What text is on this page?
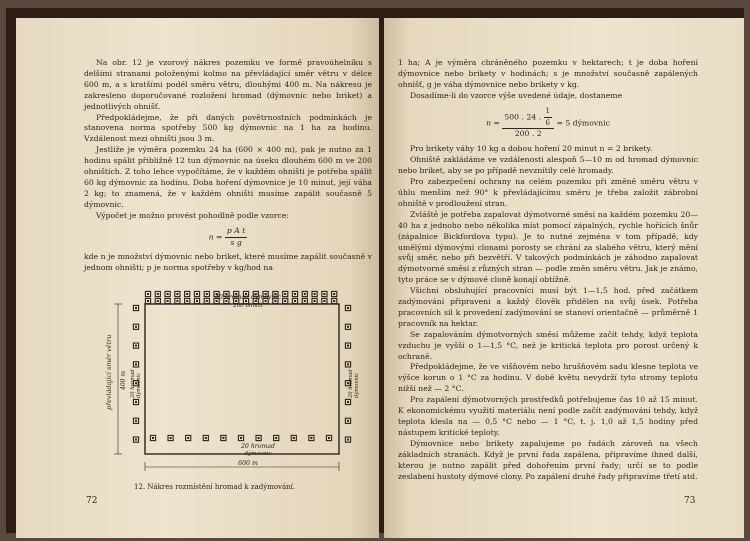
Na obr. 12 je vzorový nákres pozemku ve formě pravoúhelníku s delšími stranami položenými kolmo na převládající směr větru v délce 600 m, a s kratšími podél směru větru, dlouhými 400 m. Na nákresu je zakresleno doporučované rozložení hromad (dýmovnic nebo briket) a jednotlivých ohnišť.

Předpokládejme, že při daných povětrnostních podmínkách je stanovena norma spotřeby 500 kg dýmovnic na 1 ha za hodinu. Vzdálenost mezi ohništi jsou 3 m.

Jestliže je výměra pozemku 24 ha (600 × 400 m), pak je nutno za 1 hodinu spálit přibližně 12 tun dýmovnic na úseku dlouhém 600 m ve 200 ohništích. Z toho lehce vypočítáme, že v každém ohništi je potřeba spálit 60 kg dýmovnic za hodinu. Doba hoření dýmovnice je 10 minut, její váha 2 kg; to znamená, že v každém ohništi musíme zapálit současně 5 dýmovnic.

Výpočet je možno provést pohodlně podle vzorce:

$n = \frac{\text{p A t}}{\text{s g}}$

kde n je množství dýmovnic nebo briket, které musíme zapálit současně v jednom ohništi; p je norma spotřeby v kg/hod na

40 hromad dýmovnic
200 ohnišť
20 hromad
dýmovnic
600 m
převládající směr větru 400 m 20 hromad dýmovnic	20 hromad dýmovnic
12. Nákres rozmístění hromad k zadýmování.
72

1 ha; A je výměra chráněného pozemku v hektarech; t je doba hoření dýmovnice nebo brikety v hodinách; s je množství současně zapálených ohnišť, g je váha dýmovnice nebo brikety v kg.

Dosadíme-li do vzorce výše uvedené údaje, dostaneme

$n = \frac{500 . 24 . \frac{1}{6}}{200 . 2} = 5$ dýmovnic

Pro brikety váhy 10 kg a dobou hoření 20 minut n = 2 brikety.

Ohniště zakládáme ve vzdálenosti alespoň 5—10 m od hromad dýmovnic nebo briket, aby se po případě nevznítily celé hromady.

Pro zabezpečení ochrany na celém pozemku při změně směru větru v úhlu menším než 90° k převládajícímu směru je třeba založit zábrobní ohniště v prodloužení stran.

Zvláště je potřeba zapalovat dýmotvorné směsi na každém pozemku 20—40 ha z jednoho nebo několika míst pomocí zápalných, rychle hořících šnůr (zápalnice Bickfordova typu). Je to nutné zejména v tom případě, kdy umělými dýmovými clonami porosty se chrání za slabého větru, který mění svůj směr, nebo při bezvětří. V takových podmínkách je záhodno zapalovat dýmotvorné směsi z různých stran — podle změn směru větru. Jak je známo, tyto práce se v dýmové cloně konají obtížně.

Všichni obsluhující pracovníci musí být 1—1,5 hod. před začátkem zadýmování připraveni a každý člověk přidělen na svůj úsek. Potřeba pracovních sil k provedení zadýmování se stanoví orientačně — průměrně 1 pracovník na hektar.

Se zapalováním dýmotvorných směsí můžeme začít tehdy, když teplota vzduchu je vyšší o 1—1,5 °C, než je kritická teplota pro porost určený k ochraně.

Předpokládejme, že ve višňovém nebo hrušňovém sadu klesne teplota ve výšce korun o 1 °C za hodinu. V době květu nevydrží tyto stromy teplotu nižší než — 2 °C.

Pro zapálení dýmotvorných prostředků potřebujeme čas 10 až 15 minut. K ekonomickému využití materiálu není podle začít zadýmování tehdy, když teplota klesla na — 0,5 °C nebo — 1 °C, t. j. 1,0 až 1,5 hodiny před nástupem kritické teploty.

Dýmovnice nebo brikety zapalujeme po řadách zároveň na všech základních stranách. Když je první řada zapálena, připravíme ihned další, kterou je nutno zapálit před dohořením první řady; určí se to podle zeslabení hustoty dýmové clony. Po zapálení druhé řady připravíme třetí atd.

73
